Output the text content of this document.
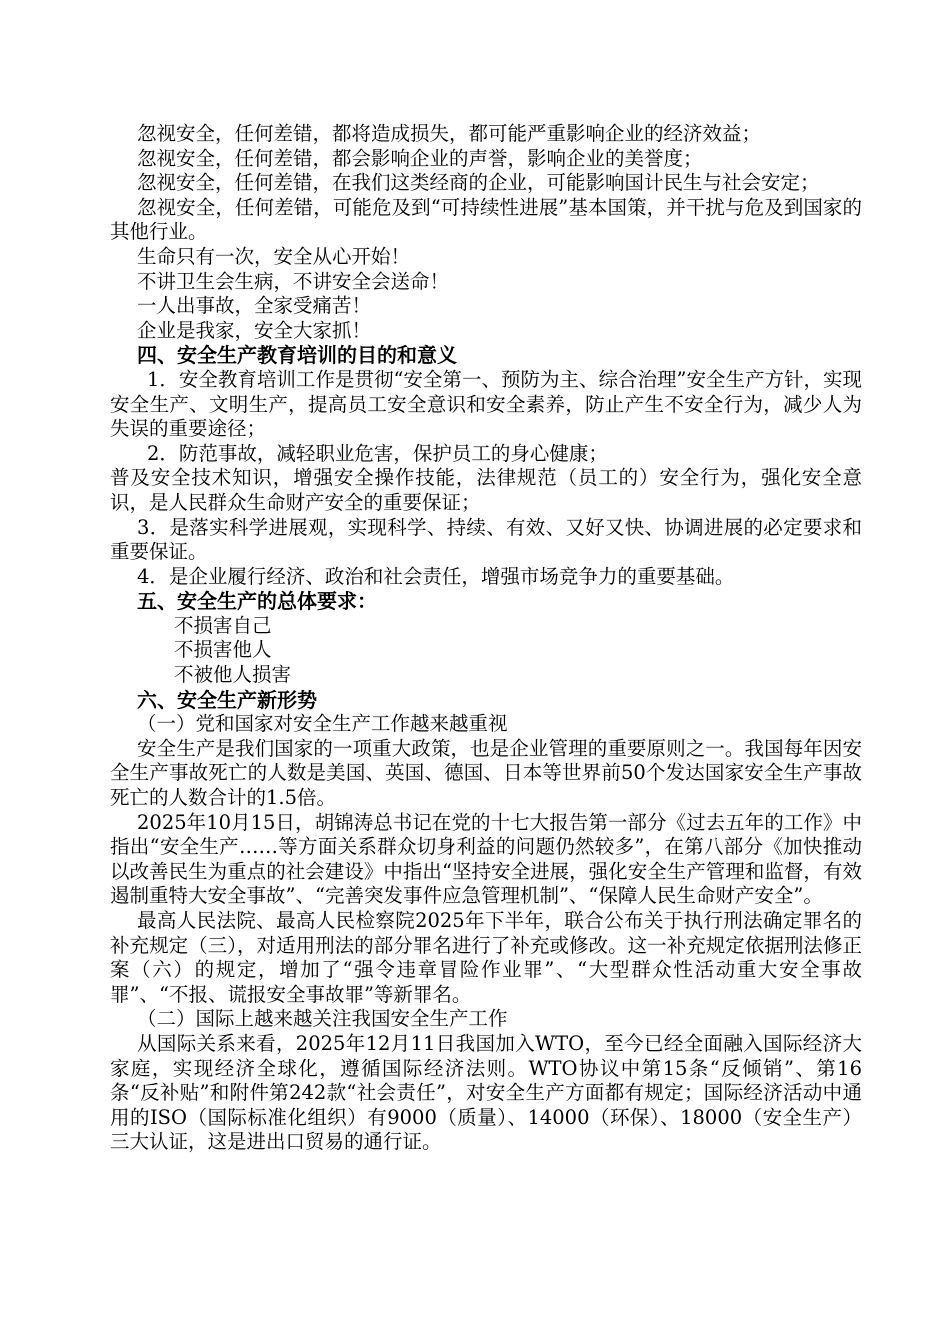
忽视安全，任何差错，都将造成损失，都可能严重影响企业的经济效益；

忽视安全，任何差错，都会影响企业的声誉，影响企业的美誉度；

忽视安全，任何差错，在我们这类经商的企业，可能影响国计民生与社会安定；

忽视安全，任何差错，可能危及到“可持续性进展”基本国策，并干扰与危及到国家的其他行业。

生命只有一次，安全从心开始！

不讲卫生会生病，不讲安全会送命！

一人出事故，全家受痛苦！

企业是我家，安全大家抓！

四、安全生产教育培训的目的和意义

1．安全教育培训工作是贯彻“安全第一、预防为主、综合治理”安全生产方针，实现安全生产、文明生产，提高员工安全意识和安全素养，防止产生不安全行为，减少人为失误的重要途径；

2．防范事故，减轻职业危害，保护员工的身心健康；

普及安全技术知识，增强安全操作技能，法律规范（员工的）安全行为，强化安全意识，是人民群众生命财产安全的重要保证；

3．是落实科学进展观，实现科学、持续、有效、又好又快、协调进展的必定要求和重要保证。

4．是企业履行经济、政治和社会责任，增强市场竞争力的重要基础。

五、安全生产的总体要求：

不损害自己

不损害他人

不被他人损害

六、安全生产新形势

（一）党和国家对安全生产工作越来越重视

安全生产是我们国家的一项重大政策，也是企业管理的重要原则之一。我国每年因安全生产事故死亡的人数是美国、英国、德国、日本等世界前50个发达国家安全生产事故死亡的人数合计的1.5倍。

2025年10月15日，胡锦涛总书记在党的十七大报告第一部分《过去五年的工作》中指出“安全生产……等方面关系群众切身利益的问题仍然较多”，在第八部分《加快推动以改善民生为重点的社会建设》中指出“坚持安全进展，强化安全生产管理和监督，有效遏制重特大安全事故”、“完善突发事件应急管理机制”、“保障人民生命财产安全”。

最高人民法院、最高人民检察院2025年下半年，联合公布关于执行刑法确定罪名的补充规定（三），对适用刑法的部分罪名进行了补充或修改。这一补充规定依据刑法修正案（六）的规定，增加了“强令违章冒险作业罪”、“大型群众性活动重大安全事故罪”、“不报、谎报安全事故罪”等新罪名。

（二）国际上越来越关注我国安全生产工作

从国际关系来看，2025年12月11日我国加入WTO，至今已经全面融入国际经济大家庭，实现经济全球化，遵循国际经济法则。WTO协议中第15条“反倾销”、第16条“反补贴”和附件第242款“社会责任”，对安全生产方面都有规定；国际经济活动中通用的ISO（国际标准化组织）有9000（质量）、14000（环保）、18000（安全生产）三大认证，这是进出口贸易的通行证。
